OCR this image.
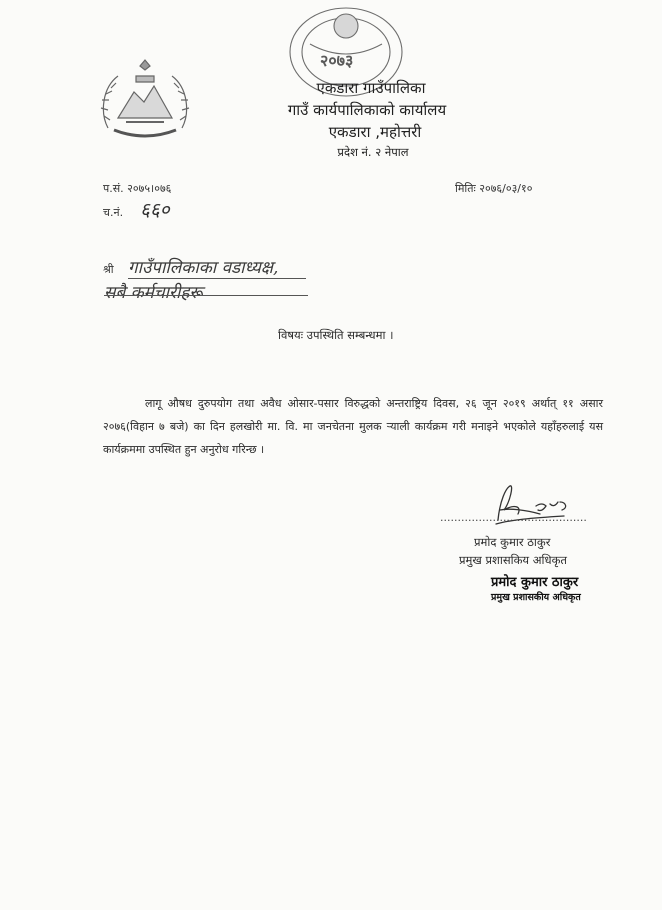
२०७३
एकडारा गाउँपालिका
गाउँ कार्यपालिकाको कार्यालय
एकडारा ,महोत्तरी
प्रदेश नं. २ नेपाल
प.सं. २०७५।०७६	मितिः २०७६/०३/१०
च.नं. ६६०
श्री गाउँपालिकाका वडाध्यक्ष,
सबै कर्मचारीहरू
विषयः उपस्थिति सम्बन्धमा ।
लागू औषध दुरुपयोग तथा अवैध ओसार-पसार विरुद्धको अन्तराष्ट्रिय दिवस, २६ जून २०१९ अर्थात् ११ असार २०७६(विहान ७ बजे) का दिन हलखोरी मा. वि. मा जनचेतना मुलक र्‍याली कार्यक्रम गरी मनाइने भएकोले यहाँहरुलाई यस कार्यक्रममा उपस्थित हुन अनुरोध गरिन्छ ।
..........................................
प्रमोद कुमार ठाकुर
प्रमुख प्रशासकिय अधिकृत
प्रमोद कुमार ठाकुर
प्रमुख प्रशासकीय अधिकृत
